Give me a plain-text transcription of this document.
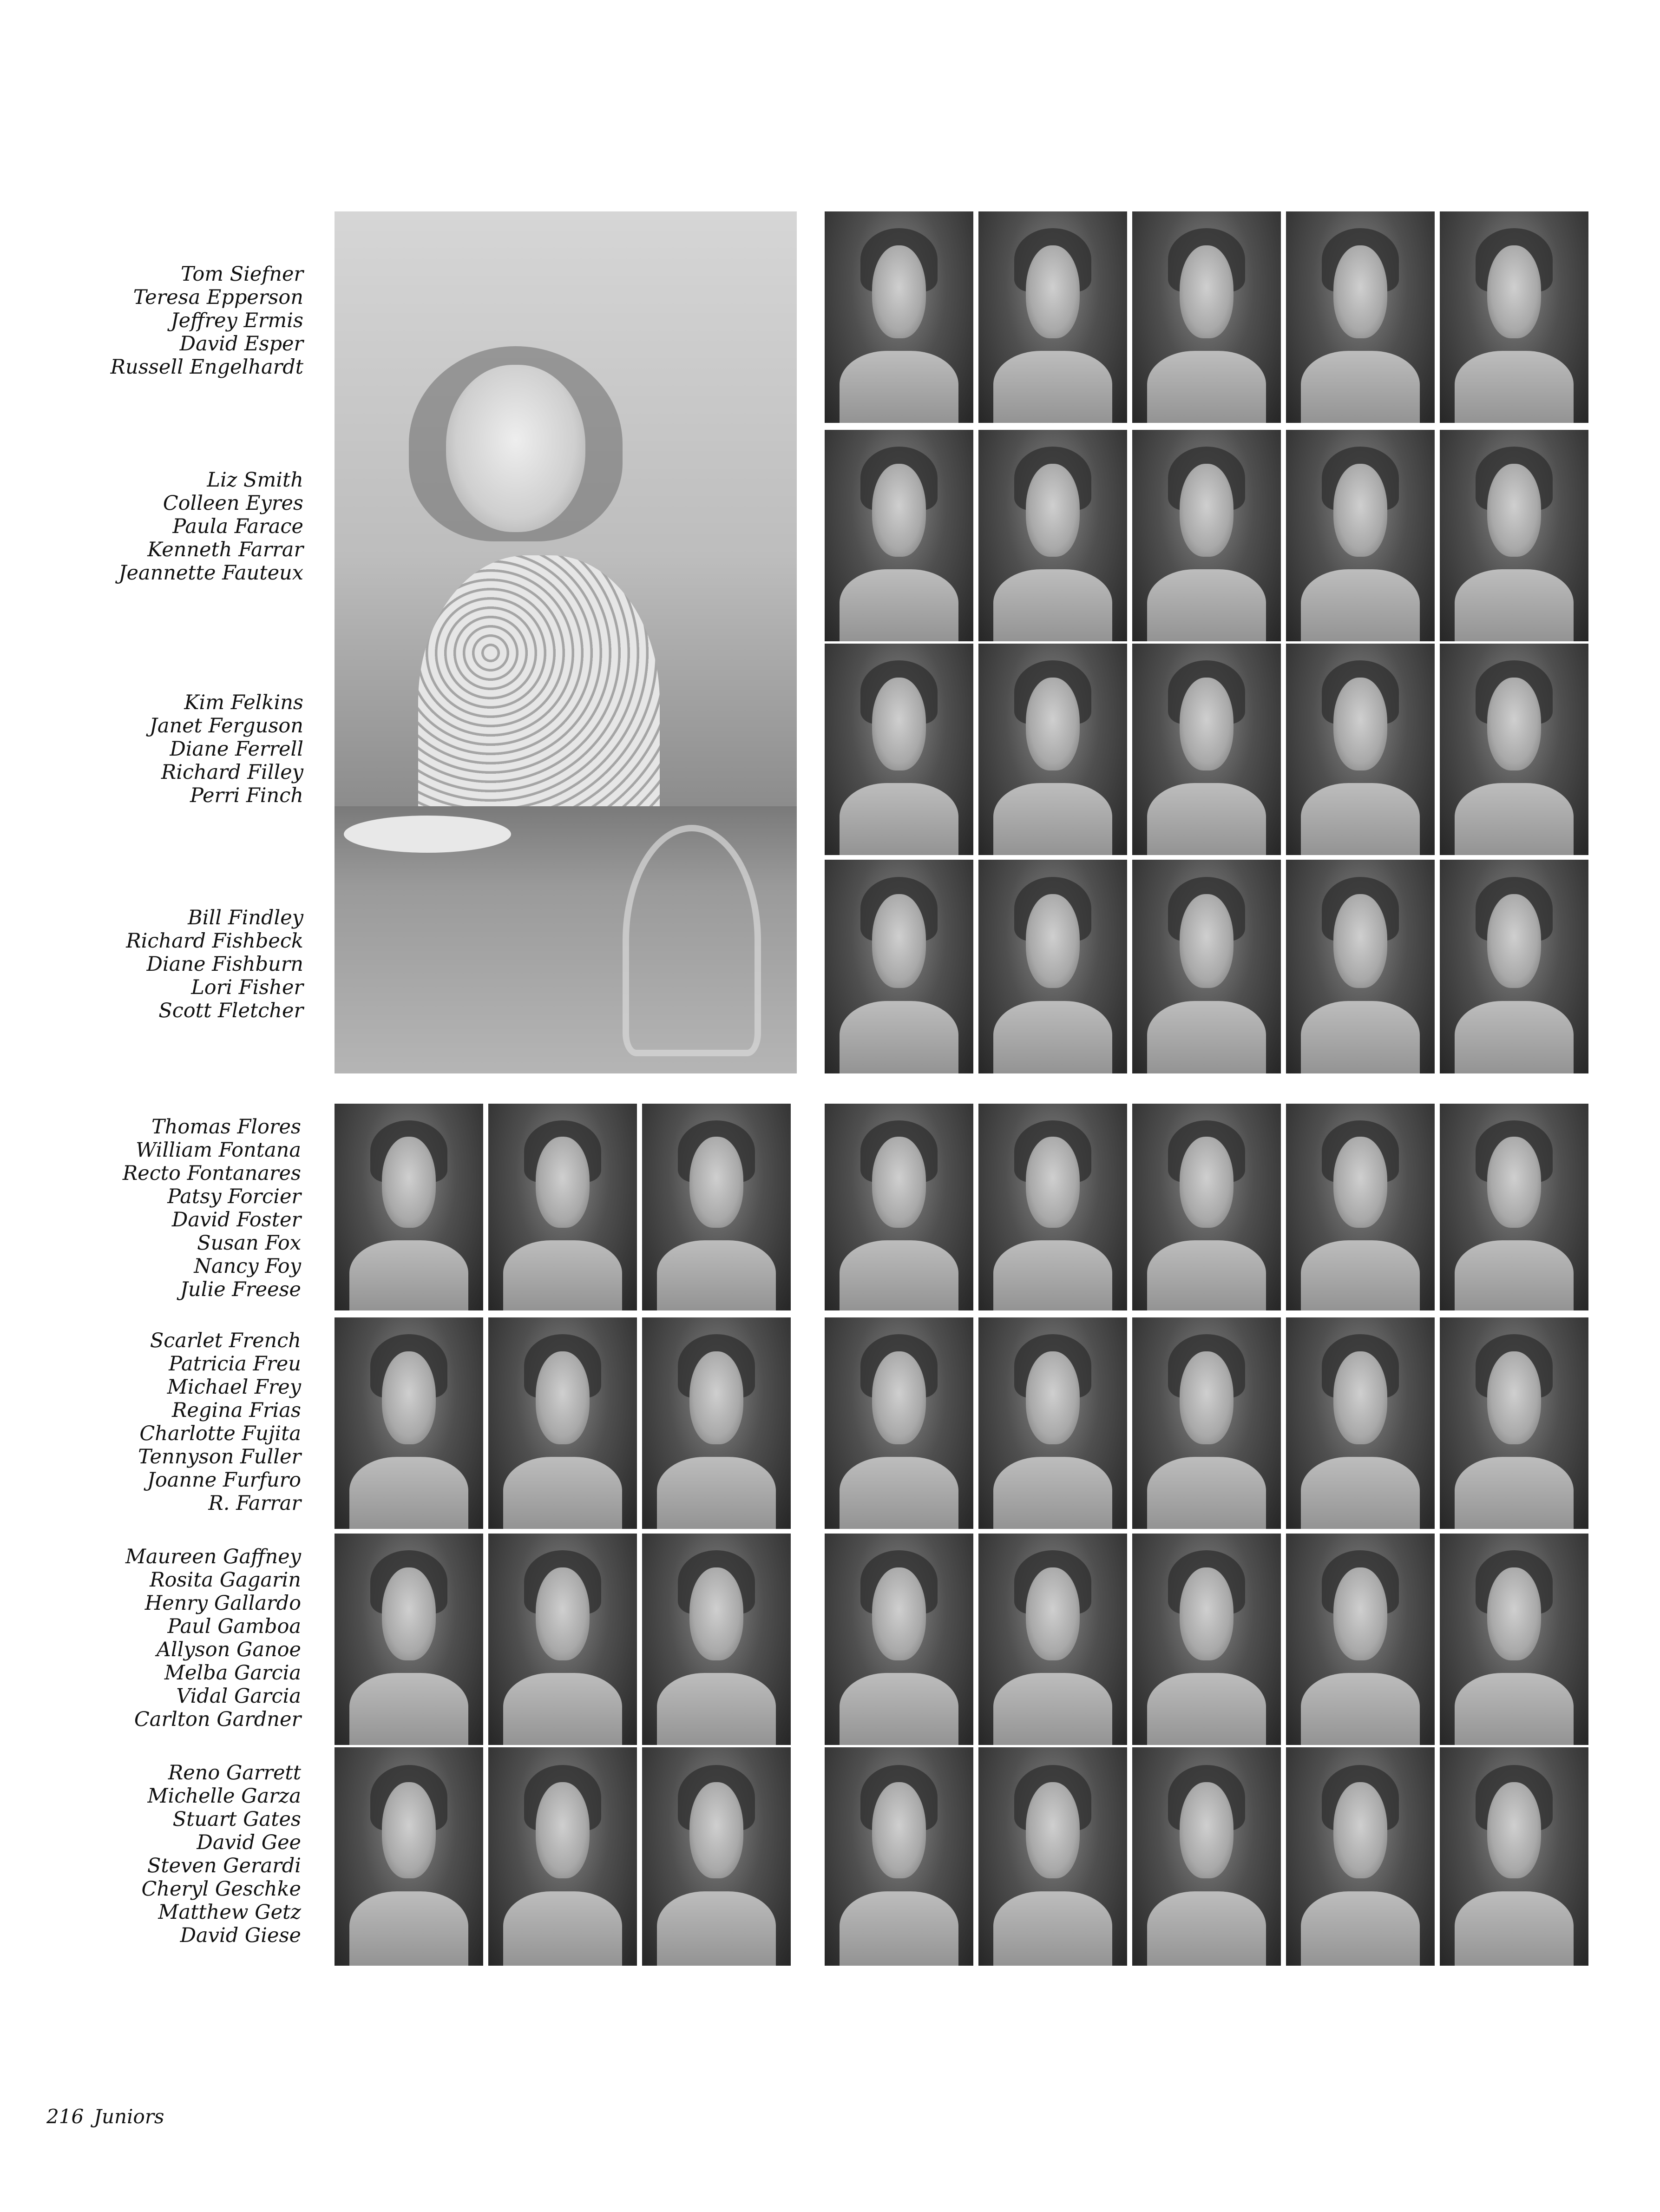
Tom Siefner
Teresa Epperson
Jeffrey Ermis
David Esper
Russell Engelhardt
Liz Smith
Colleen Eyres
Paula Farace
Kenneth Farrar
Jeannette Fauteux
Kim Felkins
Janet Ferguson
Diane Ferrell
Richard Filley
Perri Finch
Bill Findley
Richard Fishbeck
Diane Fishburn
Lori Fisher
Scott Fletcher
Thomas Flores
William Fontana
Recto Fontanares
Patsy Forcier
David Foster
Susan Fox
Nancy Foy
Julie Freese
Scarlet French
Patricia Freu
Michael Frey
Regina Frias
Charlotte Fujita
Tennyson Fuller
Joanne Furfuro
R. Farrar
Maureen Gaffney
Rosita Gagarin
Henry Gallardo
Paul Gamboa
Allyson Ganoe
Melba Garcia
Vidal Garcia
Carlton Gardner
Reno Garrett
Michelle Garza
Stuart Gates
David Gee
Steven Gerardi
Cheryl Geschke
Matthew Getz
David Giese
216 Juniors
